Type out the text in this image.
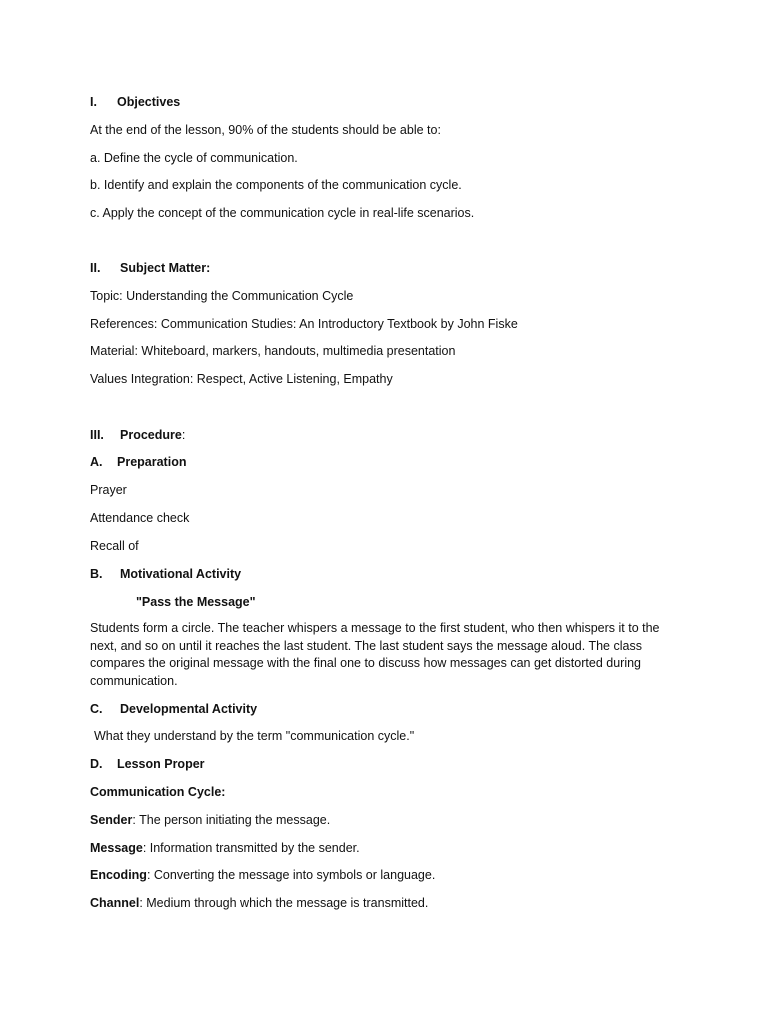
I. Objectives
At the end of the lesson, 90% of the students should be able to:
a. Define the cycle of communication.
b. Identify and explain the components of the communication cycle.
c. Apply the concept of the communication cycle in real-life scenarios.
II. Subject Matter:
Topic: Understanding the Communication Cycle
References: Communication Studies: An Introductory Textbook by John Fiske
Material: Whiteboard, markers, handouts, multimedia presentation
Values Integration: Respect, Active Listening, Empathy
III. Procedure:
A. Preparation
Prayer
Attendance check
Recall of
B. Motivational Activity
"Pass the Message"
Students form a circle. The teacher whispers a message to the first student, who then whispers it to the next, and so on until it reaches the last student. The last student says the message aloud. The class compares the original message with the final one to discuss how messages can get distorted during communication.
C. Developmental Activity
What they understand by the term "communication cycle."
D. Lesson Proper
Communication Cycle:
Sender: The person initiating the message.
Message: Information transmitted by the sender.
Encoding: Converting the message into symbols or language.
Channel: Medium through which the message is transmitted.
